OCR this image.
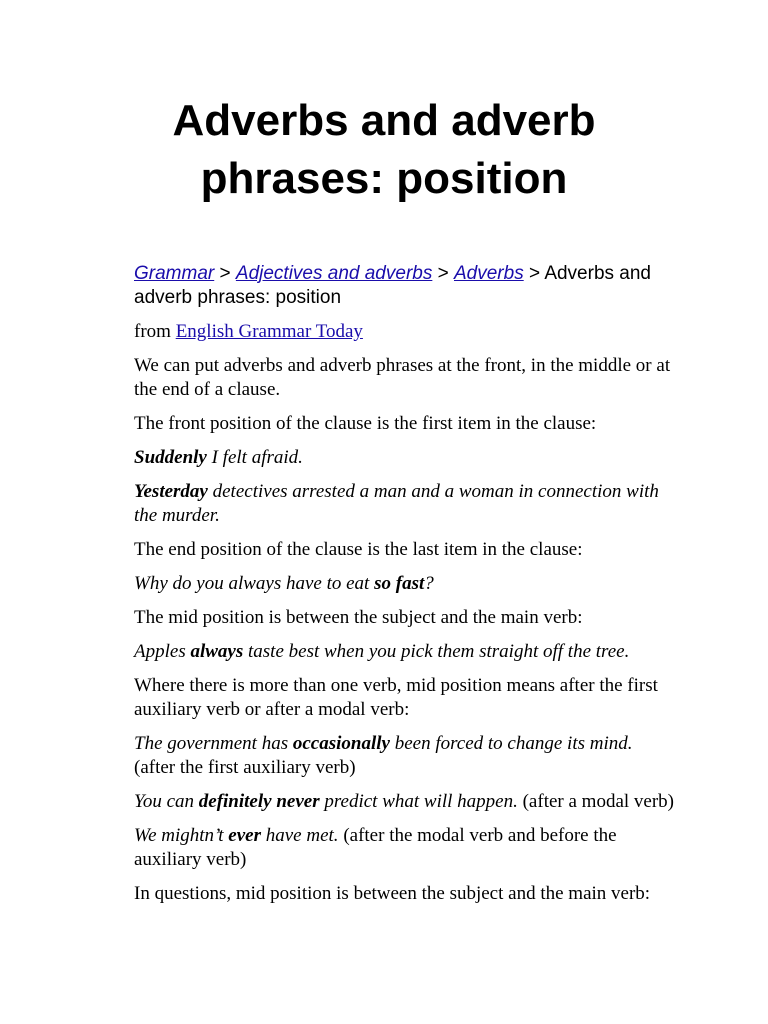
Adverbs and adverb
phrases: position
Grammar > Adjectives and adverbs > Adverbs > Adverbs and adverb phrases: position

from English Grammar Today

We can put adverbs and adverb phrases at the front, in the middle or at the end of a clause.

The front position of the clause is the first item in the clause:

Suddenly I felt afraid.

Yesterday detectives arrested a man and a woman in connection with the murder.

The end position of the clause is the last item in the clause:

Why do you always have to eat so fast?

The mid position is between the subject and the main verb:

Apples always taste best when you pick them straight off the tree.

Where there is more than one verb, mid position means after the first auxiliary verb or after a modal verb:

The government has occasionally been forced to change its mind. (after the first auxiliary verb)

You can definitely never predict what will happen. (after a modal verb)

We mightn’t ever have met. (after the modal verb and before the auxiliary verb)

In questions, mid position is between the subject and the main verb:
